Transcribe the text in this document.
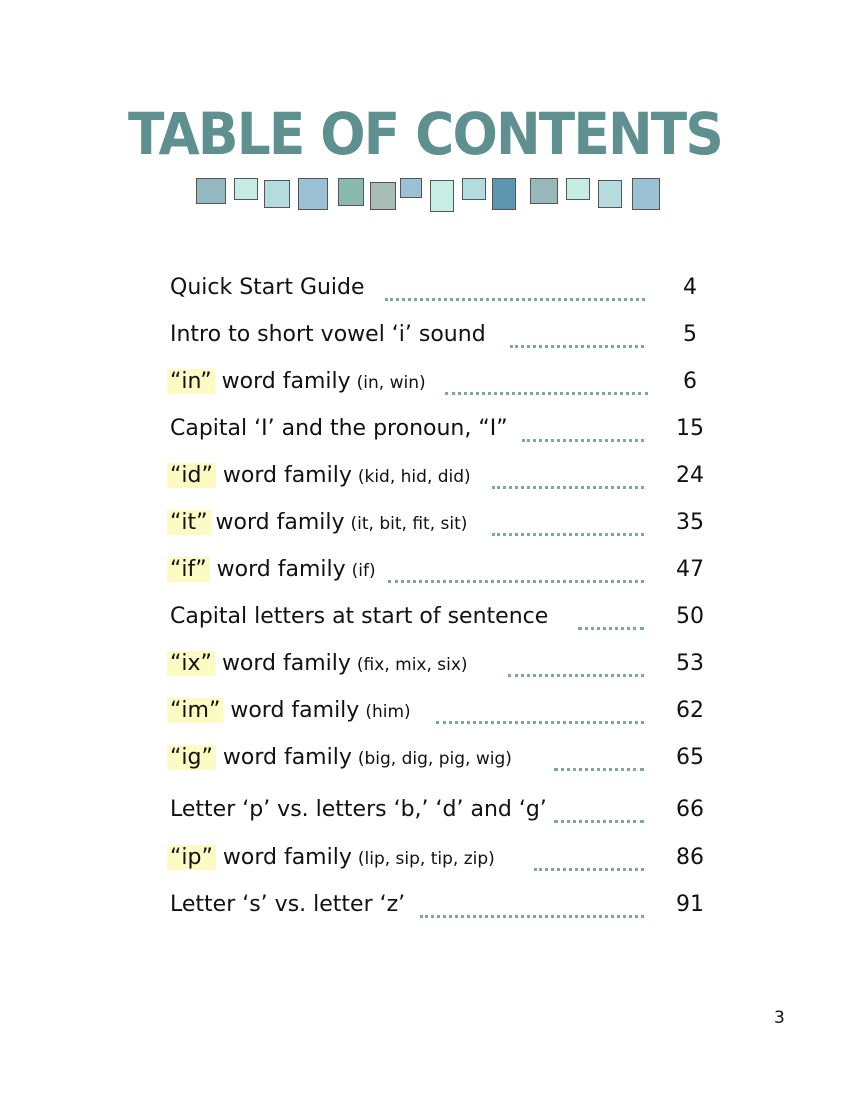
TABLE OF CONTENTS
Quick Start Guide	4
Intro to short vowel ‘i’ sound	5
“in” word family (in, win)	6
Capital ‘I’ and the pronoun, “I”	15
“id” word family (kid, hid, did)	24
“it” word family (it, bit, fit, sit)	35
“if” word family (if)	47
Capital letters at start of sentence	50
“ix” word family (fix, mix, six)	53
“im” word family (him)	62
“ig” word family (big, dig, pig, wig)	65
Letter ‘p’ vs. letters ‘b,’ ‘d’ and ‘g’	66
“ip” word family (lip, sip, tip, zip)	86
Letter ‘s’ vs. letter ‘z’	91
3
